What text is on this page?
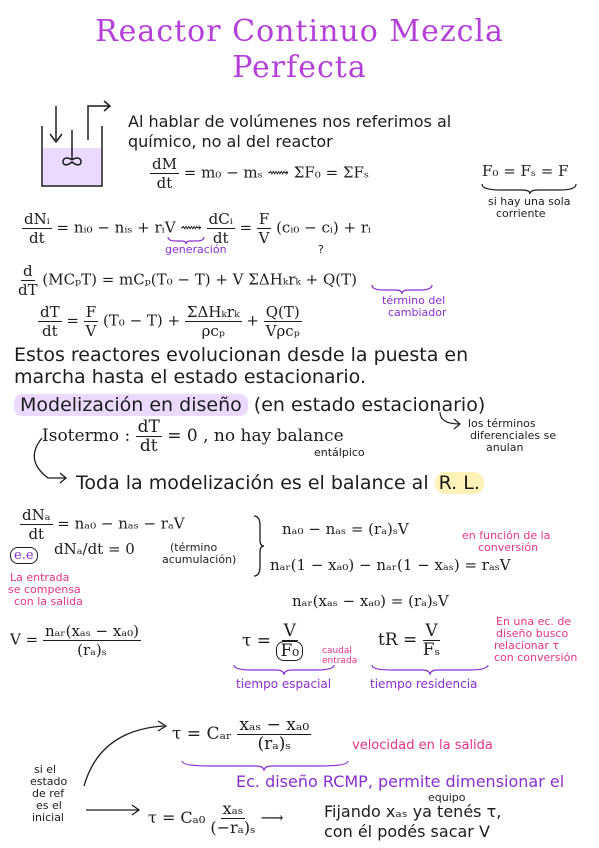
Reactor Continuo Mezcla
Perfecta
Al hablar de volúmenes nos referimos al
químico, no al del reactor
$\frac{dM}{dt} = m_0 - m_s$ ⟿ ΣF₀ = ΣFₛ	F₀ = Fₛ = F
si hay una sola
corriente
$\frac{\text{dNᵢ}}{dt}$ = nᵢ₀ − nᵢₛ + rᵢV ⟿ $\frac{\text{dCᵢ}}{dt} = \frac{F}{V}$ (cᵢ₀ − cᵢ) + rᵢ
generación
$\frac{d}{dT} (MC_pT) = mC_p(T_0 - T) + V$ ΣΔHₖrₖ + Q(T)
?
$\frac{dT}{dt} = \frac{F}{V} (T_0 - T) + \frac{\text{ΣΔHₖrₖ}}{\text{ρcₚ}} + \frac{Q(T)}{\text{Vρcₚ}}$
término del
cambiador
Estos reactores evolucionan desde la puesta en
marcha hasta el estado estacionario.
Modelización en diseño (en estado estacionario)
los términos
diferenciales se
anulan
Isotermo : $\frac{dT}{dt} = 0$ , no hay balance
entálpico
Toda la modelización es el balance al R. L.
$\frac{\text{dNₐ}}{dt} = n_{a0} - n_{as} - r_aV$
e.e dNₐ/dt = 0	(término
acumulación)
La entrada
se compensa
con la salida
nₐ₀ − nₐₛ = (rₐ)ₛV	en función de la
conversión
nₐᵣ(1 − xₐ₀) − nₐᵣ(1 − xₐₛ) = rₐₛV
nₐᵣ(xₐₛ − xₐ₀) = (rₐ)ₛV
$V = \frac{\text{nₐᵣ(xₐₛ − xₐ₀)}}{\text{(rₐ)ₛ}}$	$\tau = \frac{V}{\text{F₀}}$ caudal
entrada
tR = $\frac{V}{\text{Fₛ}}$
tiempo espacial	tiempo residencia
En una ec. de
diseño busco
relacionar τ
con conversión
τ = Cₐᵣ $\frac{\text{xₐₛ − xₐ₀}}{\text{(rₐ)ₛ}}$	velocidad en la salida
Ec. diseño RCMP, permite dimensionar el
equipo
si el
estado
de ref
es el
inicial	$\tau = C_{a0} \frac{\text{xₐₛ}}{\text{(−rₐ)ₛ}}$ ⟶	Fijando xₐₛ ya tenés τ,
con él podés sacar V
